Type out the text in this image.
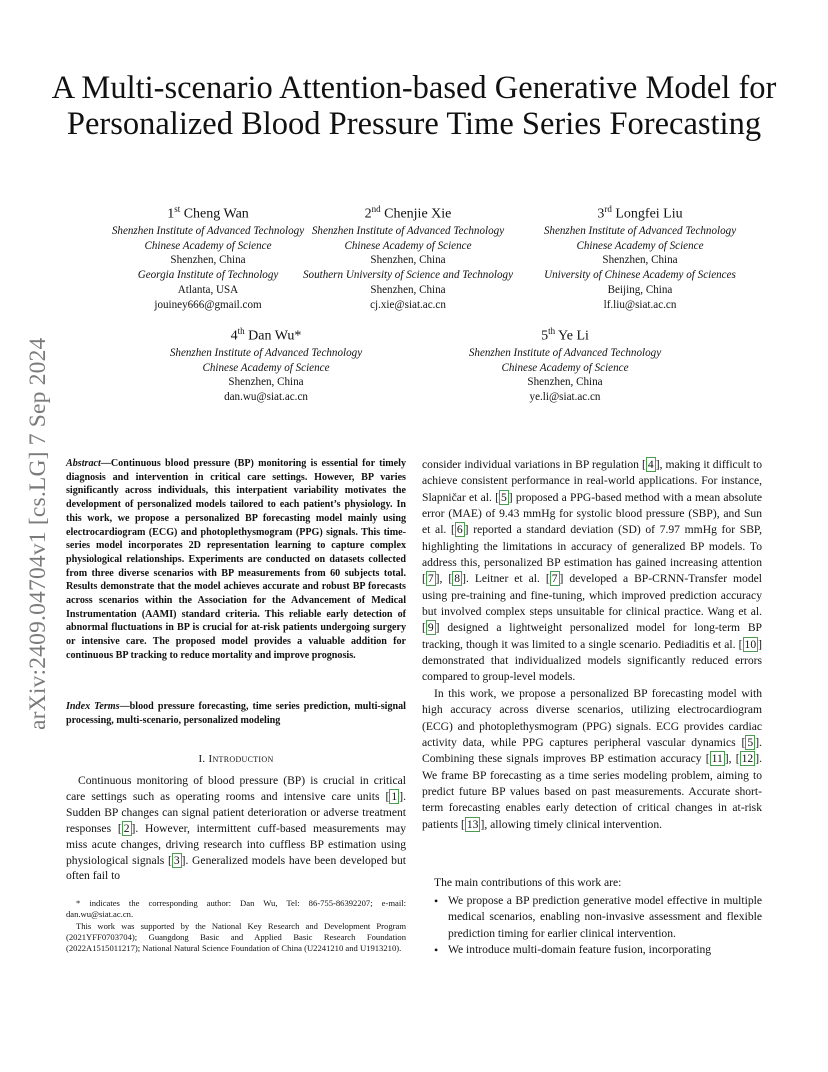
arXiv:2409.04704v1 [cs.LG] 7 Sep 2024
A Multi-scenario Attention-based Generative Model for Personalized Blood Pressure Time Series Forecasting
1st Cheng Wan
Shenzhen Institute of Advanced Technology
Chinese Academy of Science
Shenzhen, China
Georgia Institute of Technology
Atlanta, USA
jouiney666@gmail.com
2nd Chenjie Xie
Shenzhen Institute of Advanced Technology
Chinese Academy of Science
Shenzhen, China
Southern University of Science and Technology
Shenzhen, China
cj.xie@siat.ac.cn
3rd Longfei Liu
Shenzhen Institute of Advanced Technology
Chinese Academy of Science
Shenzhen, China
University of Chinese Academy of Sciences
Beijing, China
lf.liu@siat.ac.cn
4th Dan Wu*
Shenzhen Institute of Advanced Technology
Chinese Academy of Science
Shenzhen, China
dan.wu@siat.ac.cn
5th Ye Li
Shenzhen Institute of Advanced Technology
Chinese Academy of Science
Shenzhen, China
ye.li@siat.ac.cn
Abstract—Continuous blood pressure (BP) monitoring is essential for timely diagnosis and intervention in critical care settings. However, BP varies significantly across individuals, this interpatient variability motivates the development of personalized models tailored to each patient’s physiology. In this work, we propose a personalized BP forecasting model mainly using electrocardiogram (ECG) and photoplethysmogram (PPG) signals. This time-series model incorporates 2D representation learning to capture complex physiological relationships. Experiments are conducted on datasets collected from three diverse scenarios with BP measurements from 60 subjects total. Results demonstrate that the model achieves accurate and robust BP forecasts across scenarios within the Association for the Advancement of Medical Instrumentation (AAMI) standard criteria. This reliable early detection of abnormal fluctuations in BP is crucial for at-risk patients undergoing surgery or intensive care. The proposed model provides a valuable addition for continuous BP tracking to reduce mortality and improve prognosis.
Index Terms—blood pressure forecasting, time series prediction, multi-signal processing, multi-scenario, personalized modeling
I. Introduction

Continuous monitoring of blood pressure (BP) is crucial in critical care settings such as operating rooms and intensive care units [ 1 ]. Sudden BP changes can signal patient deterioration or adverse treatment responses [ 2 ]. However, intermittent cuff-based measurements may miss acute changes, driving research into cuffless BP estimation using physiological signals [ 3 ]. Generalized models have been developed but often fail to

* indicates the corresponding author: Dan Wu, Tel: 86-755-86392207; e-mail: dan.wu@siat.ac.cn.

This work was supported by the National Key Research and Development Program (2021YFF0703704); Guangdong Basic and Applied Basic Research Foundation (2022A1515011217); National Natural Science Foundation of China (U2241210 and U1913210).

consider individual variations in BP regulation [ 4 ], making it difficult to achieve consistent performance in real-world applications. For instance, Slapničar et al. [ 5 ] proposed a PPG-based method with a mean absolute error (MAE) of 9.43 mmHg for systolic blood pressure (SBP), and Sun et al. [ 6 ] reported a standard deviation (SD) of 7.97 mmHg for SBP, highlighting the limitations in accuracy of generalized BP models. To address this, personalized BP estimation has gained increasing attention [ 7 ], [ 8 ]. Leitner et al. [ 7 ] developed a BP-CRNN-Transfer model using pre-training and fine-tuning, which improved prediction accuracy but involved complex steps unsuitable for clinical practice. Wang et al. [ 9 ] designed a lightweight personalized model for long-term BP tracking, though it was limited to a single scenario. Pediaditis et al. [ 10 ] demonstrated that individualized models significantly reduced errors compared to group-level models.

In this work, we propose a personalized BP forecasting model with high accuracy across diverse scenarios, utilizing electrocardiogram (ECG) and photoplethysmogram (PPG) signals. ECG provides cardiac activity data, while PPG captures peripheral vascular dynamics [ 5 ]. Combining these signals improves BP estimation accuracy [ 11 ], [ 12 ]. We frame BP forecasting as a time series modeling problem, aiming to predict future BP values based on past measurements. Accurate short-term forecasting enables early detection of critical changes in at-risk patients [ 13 ], allowing timely clinical intervention.

The main contributions of this work are:
• We propose a BP prediction generative model effective in multiple medical scenarios, enabling non-invasive assessment and flexible prediction timing for earlier clinical intervention.
• We introduce multi-domain feature fusion, incorporating
